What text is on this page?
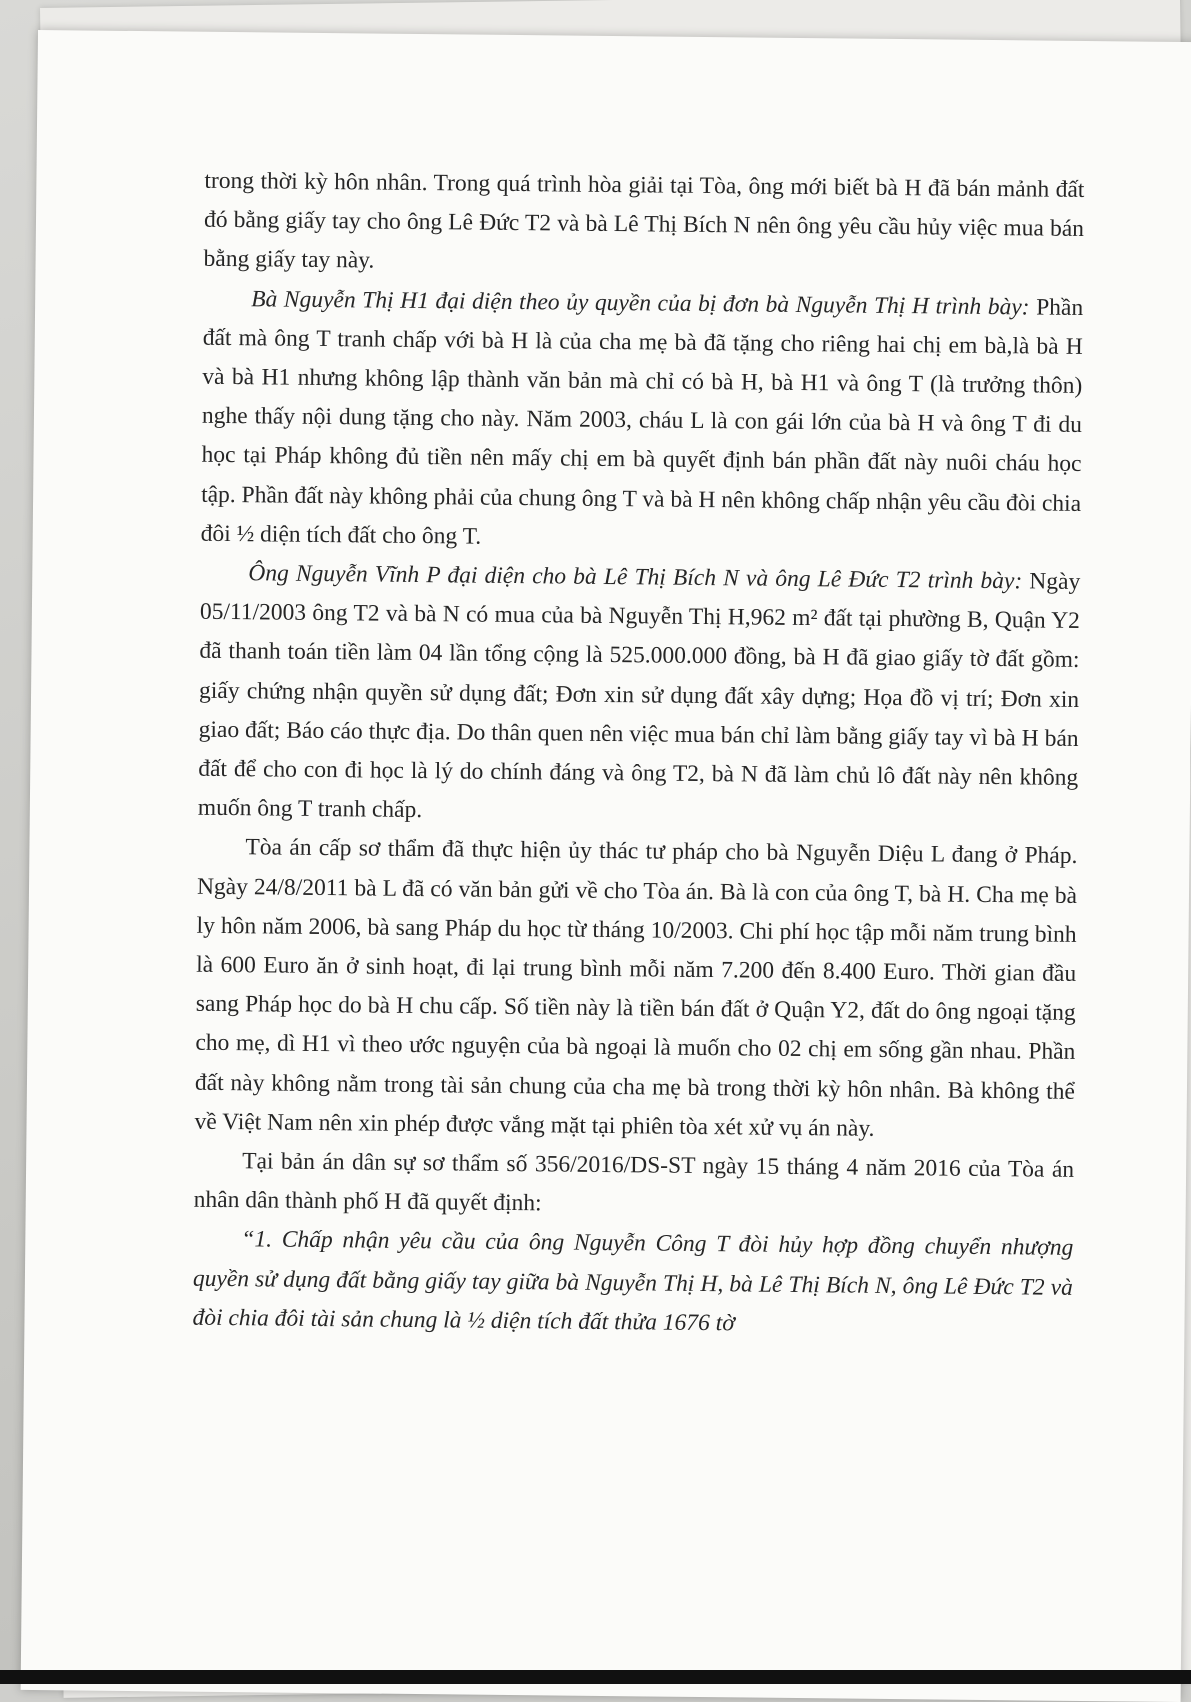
trong thời kỳ hôn nhân. Trong quá trình hòa giải tại Tòa, ông mới biết bà H đã bán mảnh đất đó bằng giấy tay cho ông Lê Đức T2 và bà Lê Thị Bích N nên ông yêu cầu hủy việc mua bán bằng giấy tay này.

Bà Nguyễn Thị H1 đại diện theo ủy quyền của bị đơn bà Nguyễn Thị H trình bày: Phần đất mà ông T tranh chấp với bà H là của cha mẹ bà đã tặng cho riêng hai chị em bà,là bà H và bà H1 nhưng không lập thành văn bản mà chỉ có bà H, bà H1 và ông T (là trưởng thôn) nghe thấy nội dung tặng cho này. Năm 2003, cháu L là con gái lớn của bà H và ông T đi du học tại Pháp không đủ tiền nên mấy chị em bà quyết định bán phần đất này nuôi cháu học tập. Phần đất này không phải của chung ông T và bà H nên không chấp nhận yêu cầu đòi chia đôi ½ diện tích đất cho ông T.

Ông Nguyễn Vĩnh P đại diện cho bà Lê Thị Bích N và ông Lê Đức T2 trình bày: Ngày 05/11/2003 ông T2 và bà N có mua của bà Nguyễn Thị H,962 m² đất tại phường B, Quận Y2 đã thanh toán tiền làm 04 lần tổng cộng là 525.000.000 đồng, bà H đã giao giấy tờ đất gồm: giấy chứng nhận quyền sử dụng đất; Đơn xin sử dụng đất xây dựng; Họa đồ vị trí; Đơn xin giao đất; Báo cáo thực địa. Do thân quen nên việc mua bán chỉ làm bằng giấy tay vì bà H bán đất để cho con đi học là lý do chính đáng và ông T2, bà N đã làm chủ lô đất này nên không muốn ông T tranh chấp.

Tòa án cấp sơ thẩm đã thực hiện ủy thác tư pháp cho bà Nguyễn Diệu L đang ở Pháp. Ngày 24/8/2011 bà L đã có văn bản gửi về cho Tòa án. Bà là con của ông T, bà H. Cha mẹ bà ly hôn năm 2006, bà sang Pháp du học từ tháng 10/2003. Chi phí học tập mỗi năm trung bình là 600 Euro ăn ở sinh hoạt, đi lại trung bình mỗi năm 7.200 đến 8.400 Euro. Thời gian đầu sang Pháp học do bà H chu cấp. Số tiền này là tiền bán đất ở Quận Y2, đất do ông ngoại tặng cho mẹ, dì H1 vì theo ước nguyện của bà ngoại là muốn cho 02 chị em sống gần nhau. Phần đất này không nằm trong tài sản chung của cha mẹ bà trong thời kỳ hôn nhân. Bà không thể về Việt Nam nên xin phép được vắng mặt tại phiên tòa xét xử vụ án này.

Tại bản án dân sự sơ thẩm số 356/2016/DS-ST ngày 15 tháng 4 năm 2016 của Tòa án nhân dân thành phố H đã quyết định:

“1. Chấp nhận yêu cầu của ông Nguyễn Công T đòi hủy hợp đồng chuyển nhượng quyền sử dụng đất bằng giấy tay giữa bà Nguyễn Thị H, bà Lê Thị Bích N, ông Lê Đức T2 và đòi chia đôi tài sản chung là ½ diện tích đất thửa 1676 tờ
